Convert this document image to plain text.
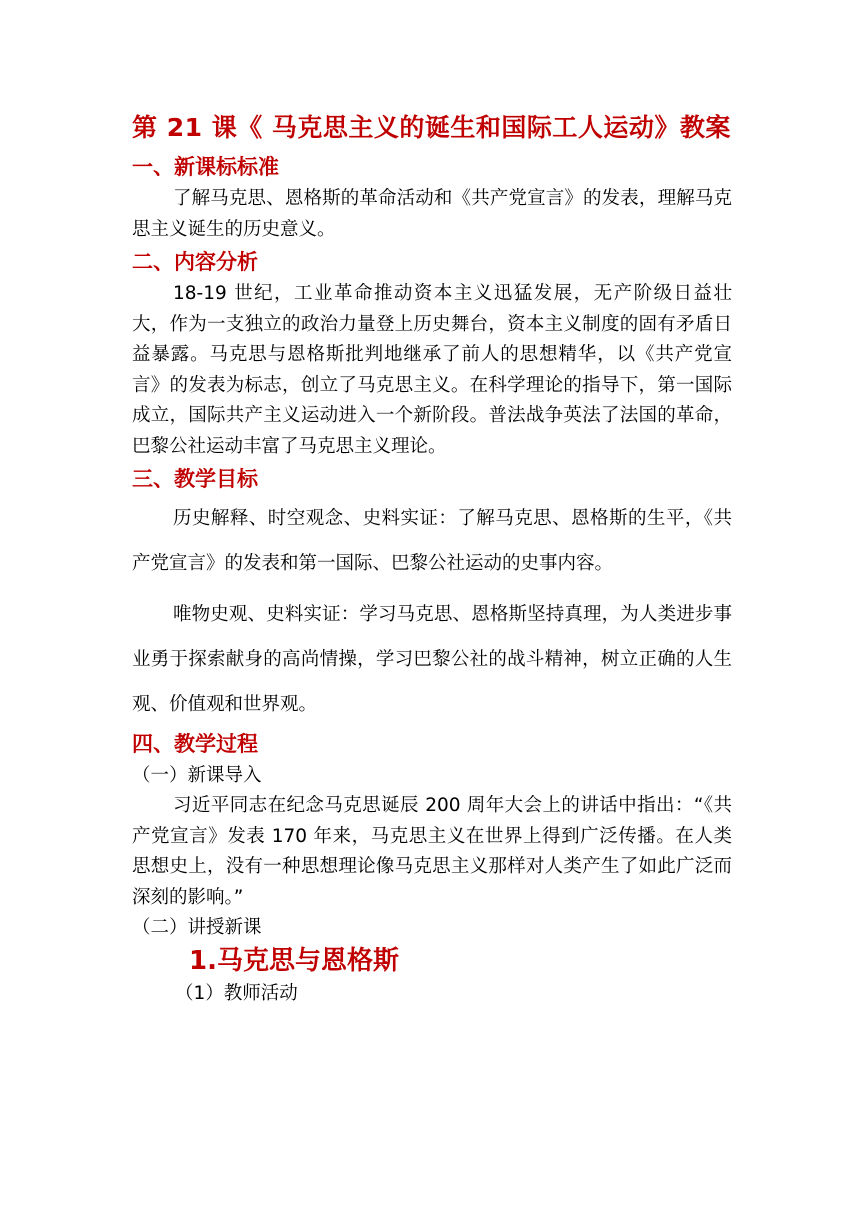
第 21 课《 马克思主义的诞生和国际工人运动》教案
一、新课标标准

了解马克思、恩格斯的革命活动和《共产党宣言》的发表，理解马克思主义诞生的历史意义。

二、内容分析

18-19 世纪，工业革命推动资本主义迅猛发展，无产阶级日益壮大，作为一支独立的政治力量登上历史舞台，资本主义制度的固有矛盾日益暴露。马克思与恩格斯批判地继承了前人的思想精华，以《共产党宣言》的发表为标志，创立了马克思主义。在科学理论的指导下，第一国际成立，国际共产主义运动进入一个新阶段。普法战争英法了法国的革命，巴黎公社运动丰富了马克思主义理论。

三、教学目标

历史解释、时空观念、史料实证：了解马克思、恩格斯的生平，《共产党宣言》的发表和第一国际、巴黎公社运动的史事内容。

唯物史观、史料实证：学习马克思、恩格斯坚持真理，为人类进步事业勇于探索献身的高尚情操，学习巴黎公社的战斗精神，树立正确的人生观、价值观和世界观。

四、教学过程
（一）新课导入

习近平同志在纪念马克思诞辰 200 周年大会上的讲话中指出：“《共产党宣言》发表 170 年来，马克思主义在世界上得到广泛传播。在人类思想史上，没有一种思想理论像马克思主义那样对人类产生了如此广泛而深刻的影响。”

（二）讲授新课
1.马克思与恩格斯
（1）教师活动
